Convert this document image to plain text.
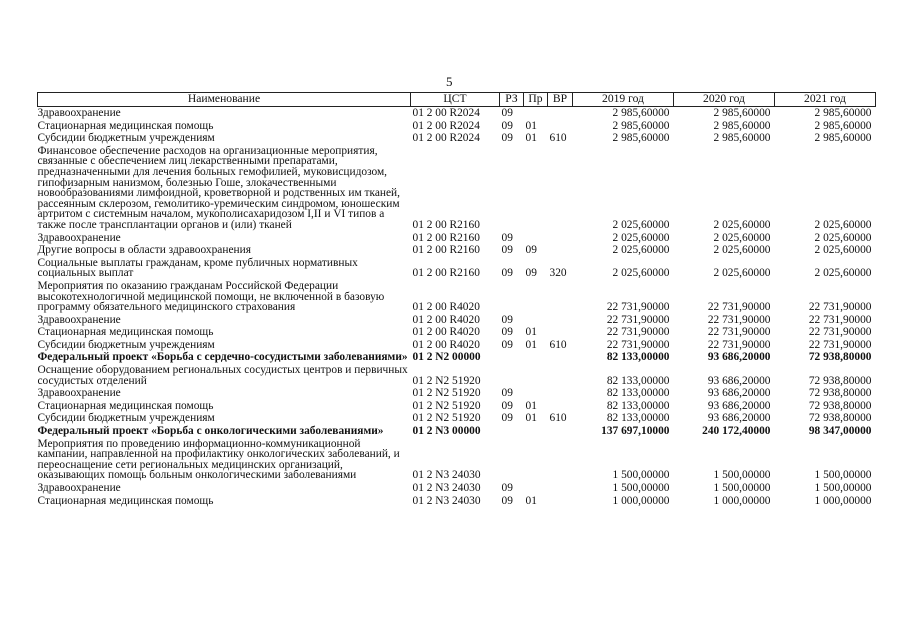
5
Наименование	ЦСТ	РЗ	Пр	ВР	2019 год	2020 год	2021 год
Здравоохранение	01 2 00 R2024	09			2 985,60000	2 985,60000	2 985,60000
Стационарная медицинская помощь	01 2 00 R2024	09	01		2 985,60000	2 985,60000	2 985,60000
Субсидии бюджетным учреждениям	01 2 00 R2024	09	01	610	2 985,60000	2 985,60000	2 985,60000
Финансовое обеспечение расходов на организационные мероприятия, связанные с обеспечением лиц лекарственными препаратами, предназначенными для лечения больных гемофилией, муковисцидозом, гипофизарным нанизмом, болезнью Гоше, злокачественными новообразованиями лимфоидной, кроветворной и родственных им тканей, рассеянным склерозом, гемолитико-уремическим синдромом, юношеским артритом с системным началом, мукополисахаридозом I,II и VI типов а также после трансплантации органов и (или) тканей	01 2 00 R2160				2 025,60000	2 025,60000	2 025,60000
Здравоохранение	01 2 00 R2160	09			2 025,60000	2 025,60000	2 025,60000
Другие вопросы в области здравоохранения	01 2 00 R2160	09	09		2 025,60000	2 025,60000	2 025,60000
Социальные выплаты гражданам, кроме публичных нормативных социальных выплат	01 2 00 R2160	09	09	320	2 025,60000	2 025,60000	2 025,60000
Мероприятия по оказанию гражданам Российской Федерации высокотехнологичной медицинской помощи, не включенной в базовую программу обязательного медицинского страхования	01 2 00 R4020				22 731,90000	22 731,90000	22 731,90000
Здравоохранение	01 2 00 R4020	09			22 731,90000	22 731,90000	22 731,90000
Стационарная медицинская помощь	01 2 00 R4020	09	01		22 731,90000	22 731,90000	22 731,90000
Субсидии бюджетным учреждениям	01 2 00 R4020	09	01	610	22 731,90000	22 731,90000	22 731,90000
Федеральный проект «Борьба с сердечно-сосудистыми заболеваниями»	01 2 N2 00000				82 133,00000	93 686,20000	72 938,80000
Оснащение оборудованием региональных сосудистых центров и первичных сосудистых отделений	01 2 N2 51920				82 133,00000	93 686,20000	72 938,80000
Здравоохранение	01 2 N2 51920	09			82 133,00000	93 686,20000	72 938,80000
Стационарная медицинская помощь	01 2 N2 51920	09	01		82 133,00000	93 686,20000	72 938,80000
Субсидии бюджетным учреждениям	01 2 N2 51920	09	01	610	82 133,00000	93 686,20000	72 938,80000
Федеральный проект «Борьба с онкологическими заболеваниями»	01 2 N3 00000				137 697,10000	240 172,40000	98 347,00000
Мероприятия по проведению информационно-коммуникационной кампании, направленной на профилактику онкологических заболеваний, и переоснащение сети региональных медицинских организаций, оказывающих помощь больным онкологическими заболеваниями	01 2 N3 24030				1 500,00000	1 500,00000	1 500,00000
Здравоохранение	01 2 N3 24030	09			1 500,00000	1 500,00000	1 500,00000
Стационарная медицинская помощь	01 2 N3 24030	09	01		1 000,00000	1 000,00000	1 000,00000
